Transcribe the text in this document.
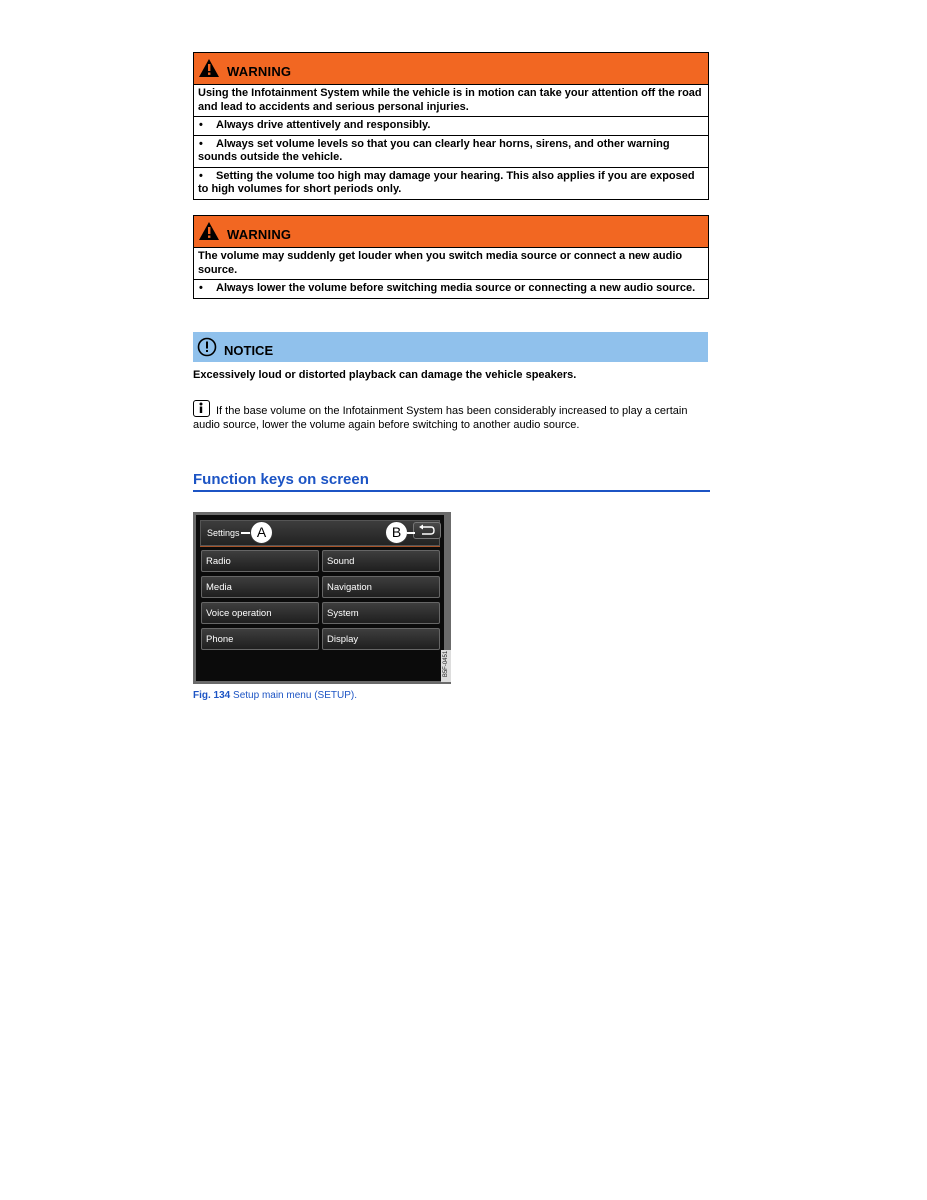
WARNING
Using the Infotainment System while the vehicle is in motion can take your attention off the road and lead to accidents and serious personal injuries.
• Always drive attentively and responsibly.
• Always set volume levels so that you can clearly hear horns, sirens, and other warning sounds outside the vehicle.
• Setting the volume too high may damage your hearing. This also applies if you are exposed to high volumes for short periods only.
WARNING
The volume may suddenly get louder when you switch media source or connect a new audio source.
• Always lower the volume before switching media source or connecting a new audio source.
NOTICE
Excessively loud or distorted playback can damage the vehicle speakers.
If the base volume on the Infotainment System has been considerably increased to play a certain audio source, lower the volume again before switching to another audio source.
Function keys on screen
Settings
Radio	Sound
Media	Navigation
Voice operation	System
Phone	Display
A	B
B5F-0451
Fig. 134 Setup main menu (SETUP).
